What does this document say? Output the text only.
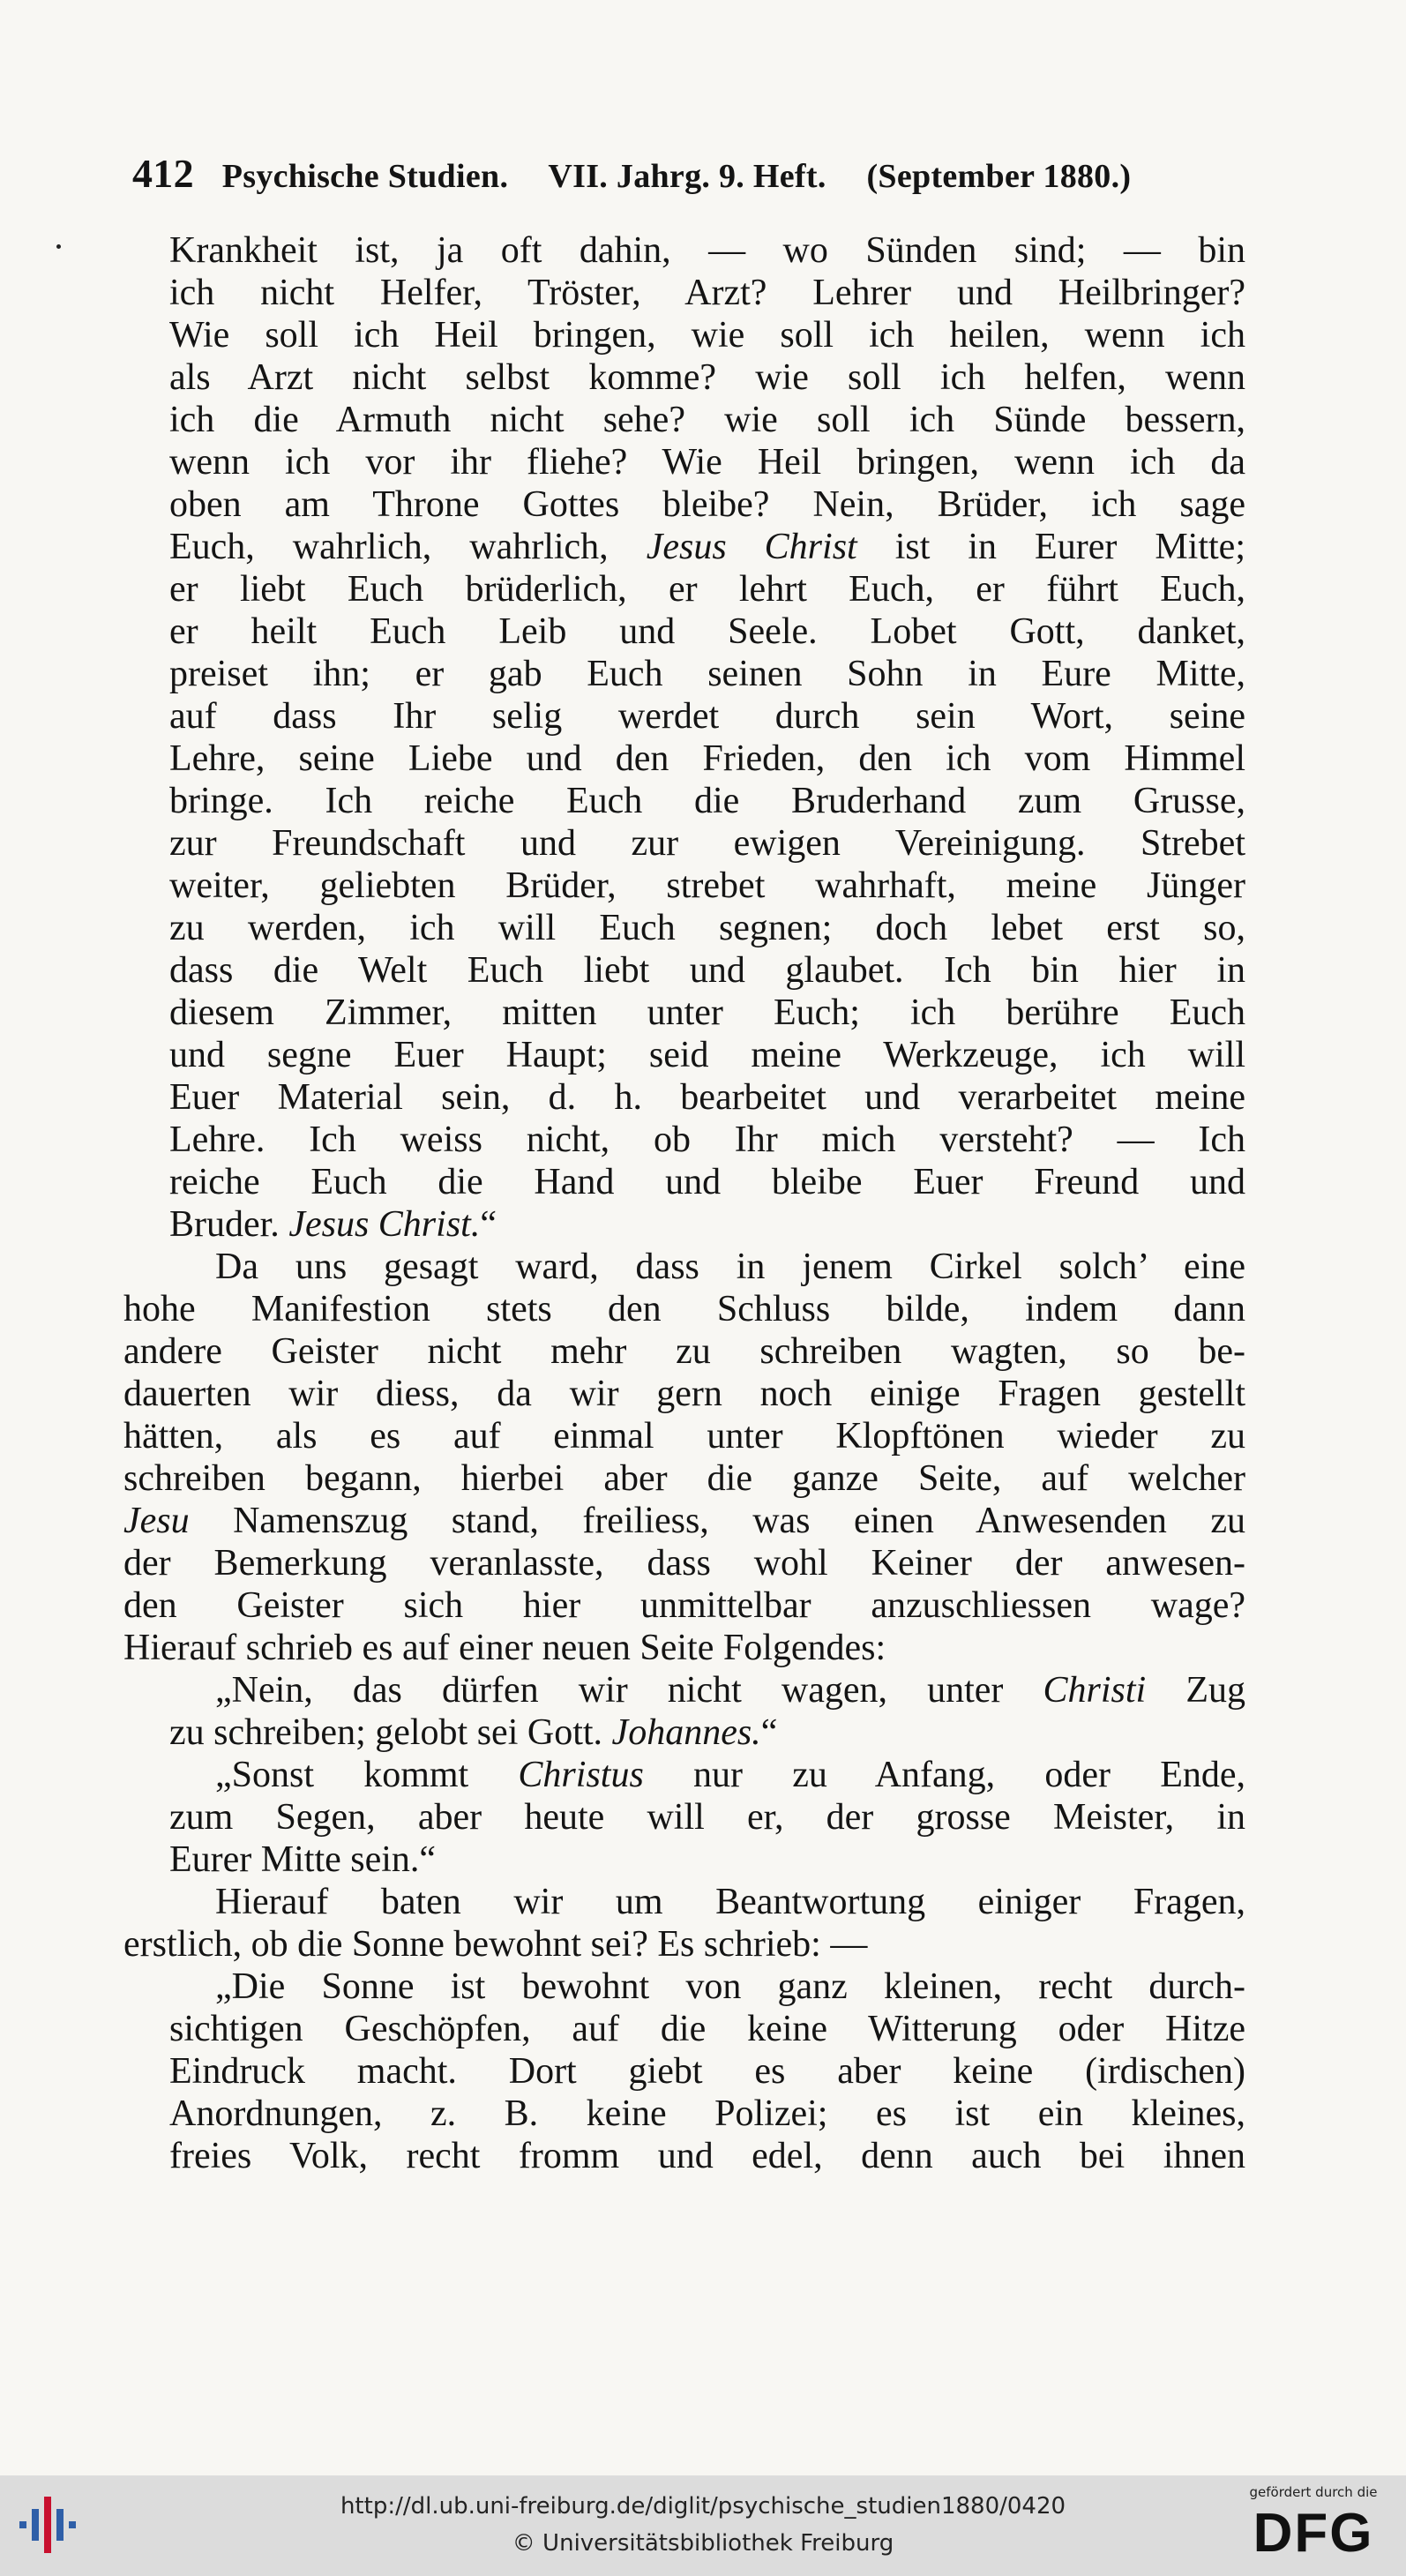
412 Psychische Studien. VII. Jahrg. 9. Heft. (September 1880.)
Krankheit ist, ja oft dahin, — wo Sünden sind; — bin
ich nicht Helfer, Tröster, Arzt? Lehrer und Heilbringer?
Wie soll ich Heil bringen, wie soll ich heilen, wenn ich
als Arzt nicht selbst komme? wie soll ich helfen, wenn
ich die Armuth nicht sehe? wie soll ich Sünde bessern,
wenn ich vor ihr fliehe? Wie Heil bringen, wenn ich da
oben am Throne Gottes bleibe? Nein, Brüder, ich sage
Euch, wahrlich, wahrlich, Jesus Christ ist in Eurer Mitte;
er liebt Euch brüderlich, er lehrt Euch, er führt Euch,
er heilt Euch Leib und Seele. Lobet Gott, danket,
preiset ihn; er gab Euch seinen Sohn in Eure Mitte,
auf dass Ihr selig werdet durch sein Wort, seine
Lehre, seine Liebe und den Frieden, den ich vom Himmel
bringe. Ich reiche Euch die Bruderhand zum Grusse,
zur Freundschaft und zur ewigen Vereinigung. Strebet
weiter, geliebten Brüder, strebet wahrhaft, meine Jünger
zu werden, ich will Euch segnen; doch lebet erst so,
dass die Welt Euch liebt und glaubet. Ich bin hier in
diesem Zimmer, mitten unter Euch; ich berühre Euch
und segne Euer Haupt; seid meine Werkzeuge, ich will
Euer Material sein, d. h. bearbeitet und verarbeitet meine
Lehre. Ich weiss nicht, ob Ihr mich versteht? — Ich
reiche Euch die Hand und bleibe Euer Freund und
Bruder. Jesus Christ.“
Da uns gesagt ward, dass in jenem Cirkel solch’ eine
hohe Manifestion stets den Schluss bilde, indem dann
andere Geister nicht mehr zu schreiben wagten, so be-
dauerten wir diess, da wir gern noch einige Fragen gestellt
hätten, als es auf einmal unter Klopftönen wieder zu
schreiben begann, hierbei aber die ganze Seite, auf welcher
Jesu Namenszug stand, freiliess, was einen Anwesenden zu
der Bemerkung veranlasste, dass wohl Keiner der anwesen-
den Geister sich hier unmittelbar anzuschliessen wage?
Hierauf schrieb es auf einer neuen Seite Folgendes:
„Nein, das dürfen wir nicht wagen, unter Christi Zug
zu schreiben; gelobt sei Gott. Johannes.“
„Sonst kommt Christus nur zu Anfang, oder Ende,
zum Segen, aber heute will er, der grosse Meister, in
Eurer Mitte sein.“
Hierauf baten wir um Beantwortung einiger Fragen,
erstlich, ob die Sonne bewohnt sei? Es schrieb: —
„Die Sonne ist bewohnt von ganz kleinen, recht durch-
sichtigen Geschöpfen, auf die keine Witterung oder Hitze
Eindruck macht. Dort giebt es aber keine (irdischen)
Anordnungen, z. B. keine Polizei; es ist ein kleines,
freies Volk, recht fromm und edel, denn auch bei ihnen
http://dl.ub.uni-freiburg.de/diglit/psychische_studien1880/0420
© Universitätsbibliothek Freiburg
gefördert durch die
DFG
